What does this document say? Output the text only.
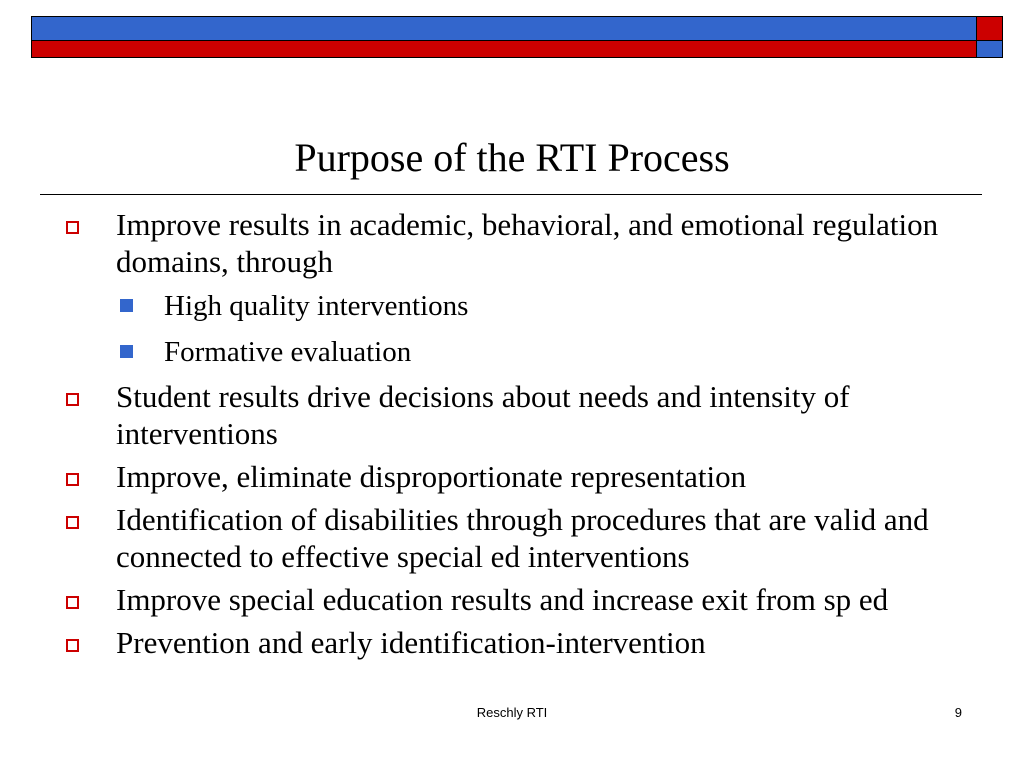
Purpose of the RTI Process
Improve results in academic, behavioral, and emotional regulation domains, through
High quality interventions
Formative evaluation
Student results drive decisions about needs and intensity of interventions
Improve, eliminate disproportionate representation
Identification of disabilities through procedures that are valid and connected to effective special ed interventions
Improve special education results and increase exit from sp ed
Prevention and early identification-intervention
Reschly RTI	9
